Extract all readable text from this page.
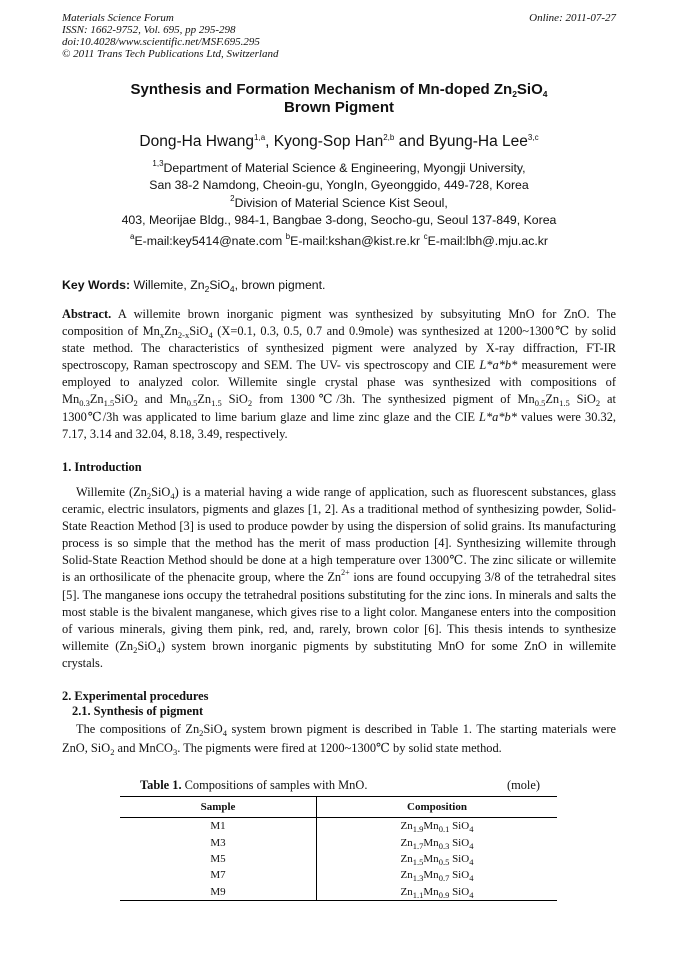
Materials Science Forum
ISSN: 1662-9752, Vol. 695, pp 295-298
doi:10.4028/www.scientific.net/MSF.695.295
© 2011 Trans Tech Publications Ltd, Switzerland
Online: 2011-07-27
Synthesis and Formation Mechanism of Mn-doped $Zn_2SiO_4$
Brown Pigment
Dong-Ha Hwang$^{1,a}$, Kyong-Sop Han$^{2,b}$ and Byung-Ha Lee$^{3,c}$
$^{1,3}$Department of Material Science & Engineering, Myongji University,
San 38-2 Namdong, Cheoin-gu, YongIn, Gyeonggido, 449-728, Korea
$^2$Division of Material Science Kist Seoul,
403, Meorijae Bldg., 984-1, Bangbae 3-dong, Seocho-gu, Seoul 137-849, Korea
$^a$E-mail:key5414@nate.com $^b$E-mail:kshan@kist.re.kr $^c$E-mail:lbh@.mju.ac.kr
Key Words: Willemite, $Zn_2SiO_4$, brown pigment.
Abstract. A willemite brown inorganic pigment was synthesized by subsyituting MnO for ZnO. The composition of $Mn_xZn_{2-x}SiO_4$ (X=0.1, 0.3, 0.5, 0.7 and 0.9mole) was synthesized at 1200~1300℃ by solid state method. The characteristics of synthesized pigment were analyzed by X-ray diffraction, FT-IR spectroscopy, Raman spectroscopy and SEM. The UV- vis spectroscopy and CIE L*a*b* measurement were employed to analyzed color. Willemite single crystal phase was synthesized with compositions of $Mn_{0.3}Zn_{1.5}SiO_2$ and $Mn_{0.5}Zn_{1.5}$ SiO$_2$ from 1300℃/3h. The synthesized pigment of $Mn_{0.5}Zn_{1.5}$ SiO$_2$ at 1300℃/3h was applicated to lime barium glaze and lime zinc glaze and the CIE L*a*b* values were 30.32, 7.17, 3.14 and 32.04, 8.18, 3.49, respectively.
1. Introduction
Willemite $(Zn_2SiO_4)$ is a material having a wide range of application, such as fluorescent substances, glass ceramic, electric insulators, pigments and glazes [1, 2]. As a traditional method of synthesizing powder, Solid-State Reaction Method [3] is used to produce powder by using the dispersion of solid grains. Its manufacturing process is so simple that the method has the merit of mass production [4]. Synthesizing willemite through Solid-State Reaction Method should be done at a high temperature over 1300℃. The zinc silicate or willemite is an orthosilicate of the phenacite group, where the $Zn^{2+}$ ions are found occupying 3/8 of the tetrahedral sites [5]. The manganese ions occupy the tetrahedral positions substituting for the zinc ions. In minerals and salts the most stable is the bivalent manganese, which gives rise to a light color. Manganese enters into the composition of various minerals, giving them pink, red, and, rarely, brown color [6]. This thesis intends to synthesize willemite $(Zn_2SiO_4)$ system brown inorganic pigments by substituting MnO for some ZnO in willemite crystals.
2. Experimental procedures
2.1. Synthesis of pigment
The compositions of $Zn_2SiO_4$ system brown pigment is described in Table 1. The starting materials were ZnO, SiO$_2$ and MnCO$_3$. The pigments were fired at 1200~1300℃ by solid state method.
Table 1. Compositions of samples with MnO.	(mole)
Sample	Composition
M1	$Zn_{1.9}Mn_{0.1}$ SiO$_4$
M3	$Zn_{1.7}Mn_{0.3}$ SiO$_4$
M5	$Zn_{1.5}Mn_{0.5}$ SiO$_4$
M7	$Zn_{1.3}Mn_{0.7}$ SiO$_4$
M9	$Zn_{1.1}Mn_{0.9}$ SiO$_4$
